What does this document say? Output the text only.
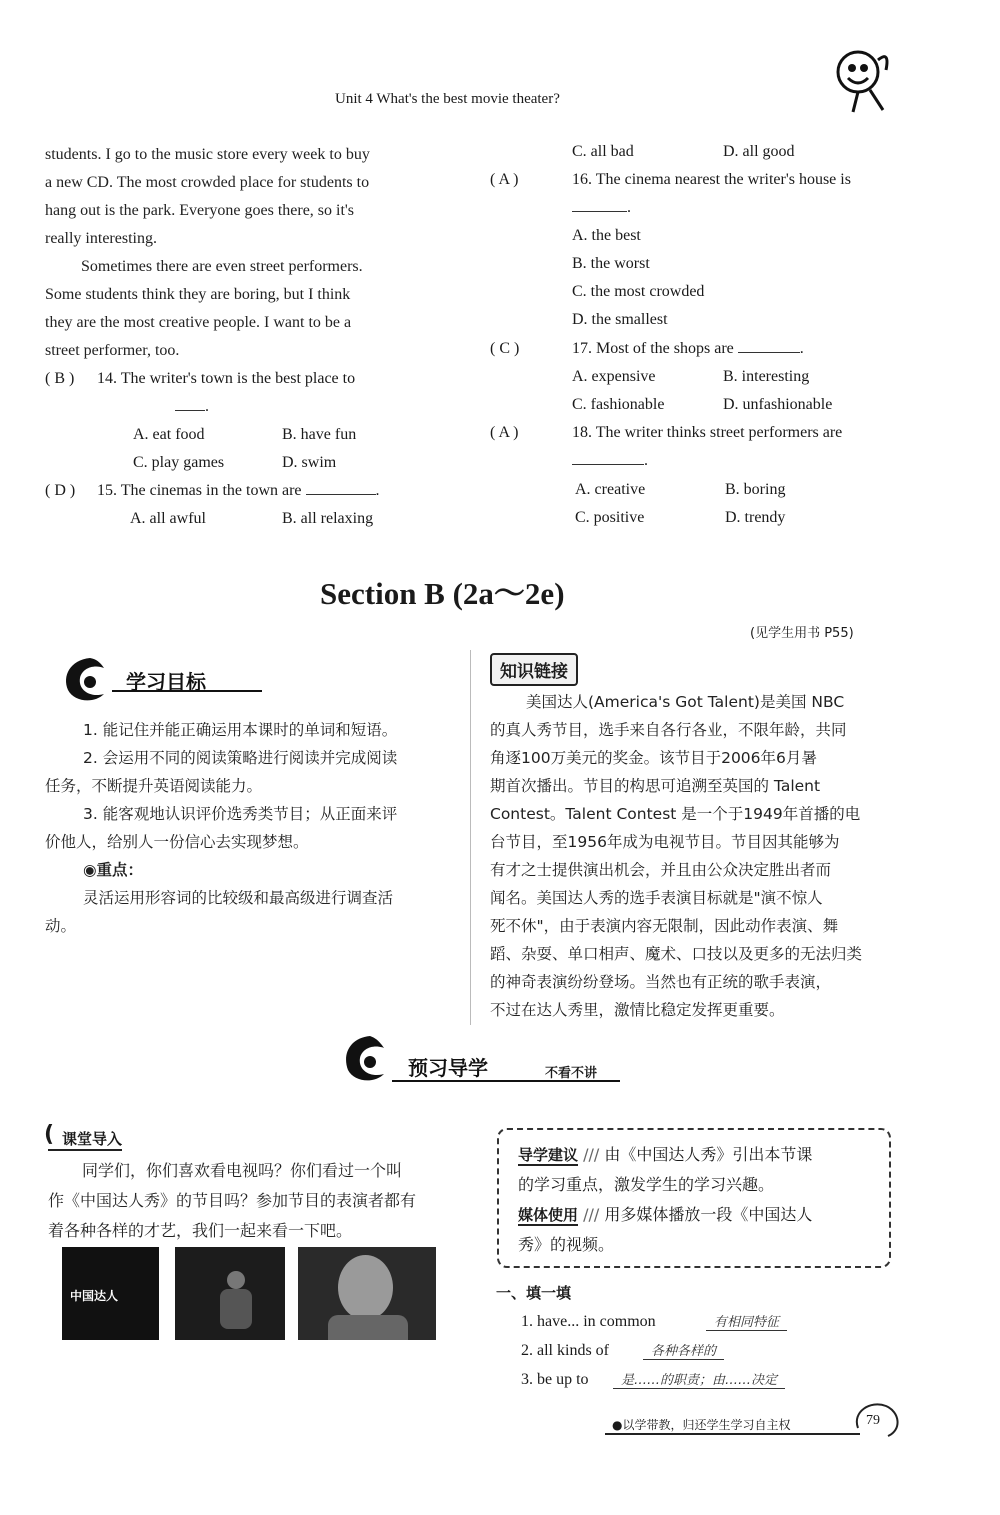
Unit 4 What's the best movie theater?
students. I go to the music store every week to buy
a new CD. The most crowded place for students to
hang out is the park. Everyone goes there, so it's
really interesting.
Sometimes there are even street performers.
Some students think they are boring, but I think
they are the most creative people. I want to be a
street performer, too.
( B ) 14. The writer's town is the best place to
.
A. eat food	B. have fun
C. play games	D. swim
( D ) 15. The cinemas in the town are	.
A. all awful	B. all relaxing
C. all bad	D. all good
( A )	16. The cinema nearest the writer's house is
.
A. the best
B. the worst
C. the most crowded
D. the smallest
( C )	17. Most of the shops are	.
A. expensive	B. interesting
C. fashionable	D. unfashionable
( A )	18. The writer thinks street performers are
.
A. creative	B. boring
C. positive	D. trendy
Section B (2a～2e)
(见学生用书 P55)
学习目标
1. 能记住并能正确运用本课时的单词和短语。
2. 会运用不同的阅读策略进行阅读并完成阅读
任务，不断提升英语阅读能力。
3. 能客观地认识评价选秀类节目；从正面来评
价他人，给别人一份信心去实现梦想。
◉重点：
灵活运用形容词的比较级和最高级进行调查活
动。
知识链接
美国达人(America's Got Talent)是美国 NBC
的真人秀节目，选手来自各行各业，不限年龄，共同
角逐100万美元的奖金。该节目于2006年6月暑
期首次播出。节目的构思可追溯至英国的 Talent
Contest。Talent Contest 是一个于1949年首播的电
台节目，至1956年成为电视节目。节目因其能够为
有才之士提供演出机会，并且由公众决定胜出者而
闻名。美国达人秀的选手表演目标就是"演不惊人
死不休"，由于表演内容无限制，因此动作表演、舞
蹈、杂耍、单口相声、魔术、口技以及更多的无法归类
的神奇表演纷纷登场。当然也有正统的歌手表演，
不过在达人秀里，激情比稳定发挥更重要。
预习导学	不看不讲
( 课堂导入
同学们，你们喜欢看电视吗？你们看过一个叫
作《中国达人秀》的节目吗？参加节目的表演者都有
着各种各样的才艺，我们一起来看一下吧。
中国达人
导学建议 /// 由《中国达人秀》引出本节课
的学习重点，激发学生的学习兴趣。
媒体使用 /// 用多媒体播放一段《中国达人
秀》的视频。
一、填一填
1. have... in common	有相同特征
2. all kinds of	各种各样的
3. be up to 是……的职责；由……决定
●以学带教，归还学生学习自主权	79
